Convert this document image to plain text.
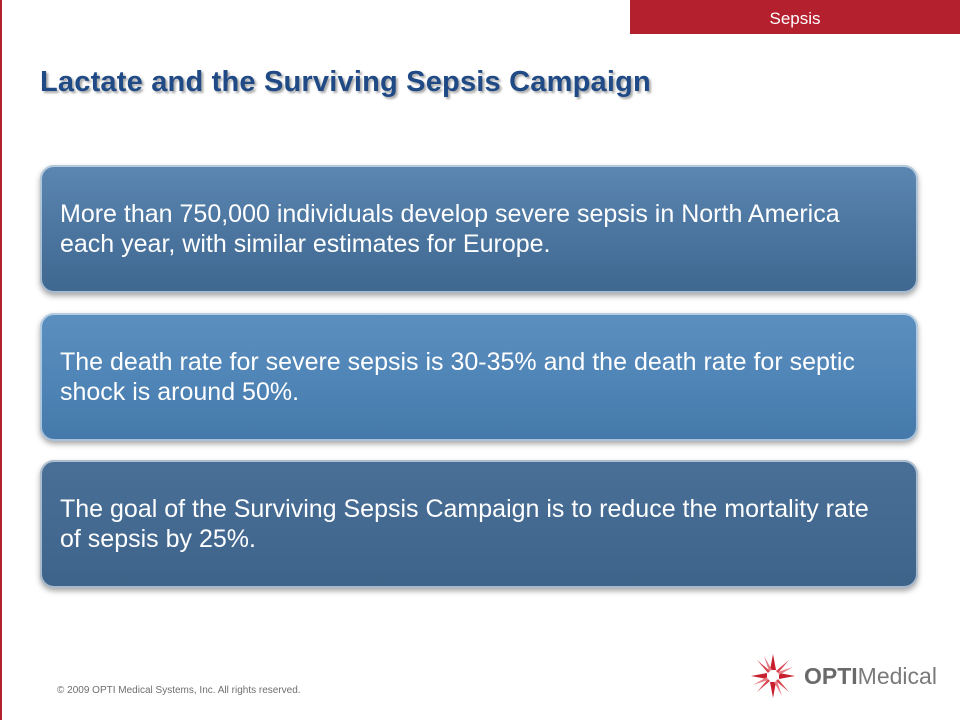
Sepsis
Lactate and the Surviving Sepsis Campaign
More than 750,000 individuals develop severe sepsis in North America each year, with similar estimates for Europe.
The death rate for severe sepsis is 30-35% and the death rate for septic shock is around 50%.
The goal of the Surviving Sepsis Campaign is to reduce the mortality rate of sepsis by 25%.
© 2009 OPTI Medical Systems, Inc. All rights reserved.
OPTIMedical
